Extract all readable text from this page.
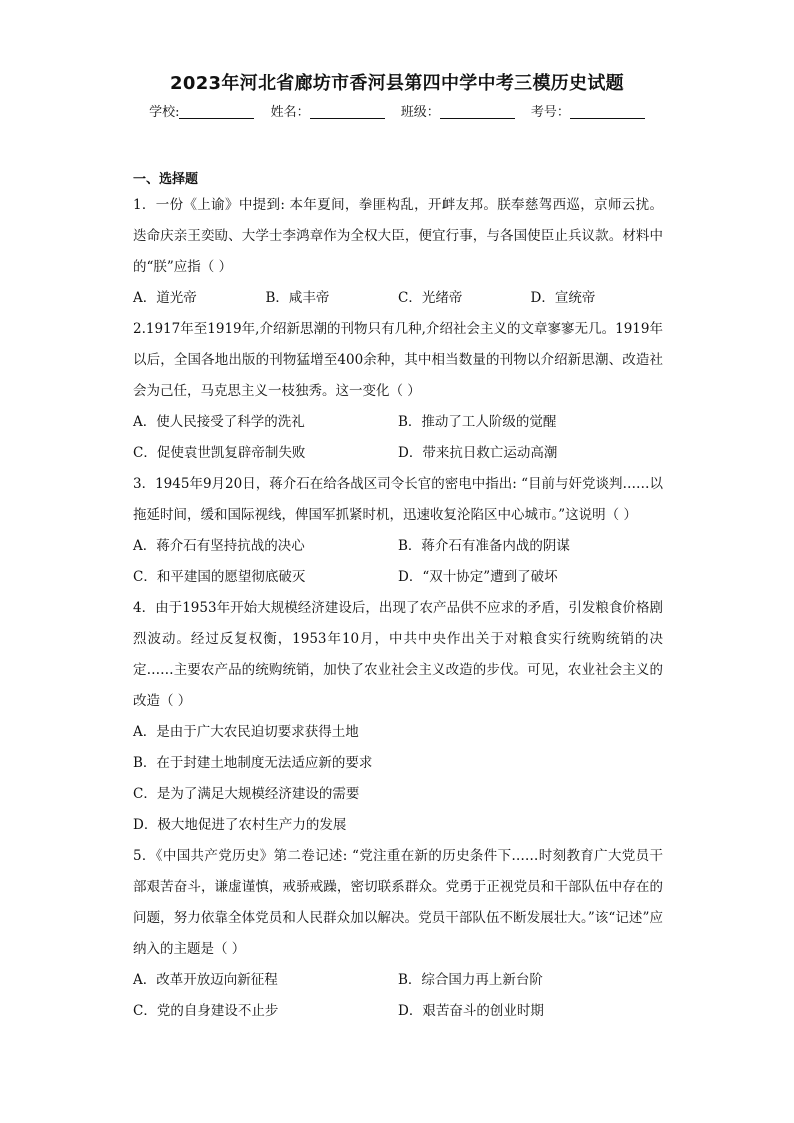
2023年河北省廊坊市香河县第四中学中考三模历史试题
学校:	姓名：	班级：	考号：
一、选择题
1．一份《上谕》中提到: 本年夏间，拳匪构乱，开衅友邦。朕奉慈驾西巡，京师云扰。迭命庆亲王奕劻、大学士李鸿章作为全权大臣，便宜行事，与各国使臣止兵议款。材料中的“朕”应指（ ）
A．道光帝	B．咸丰帝	C．光绪帝	D．宣统帝
2.1917年至1919年,介绍新思潮的刊物只有几种,介绍社会主义的文章寥寥无几。1919年以后，全国各地出版的刊物猛增至400余种，其中相当数量的刊物以介绍新思潮、改造社会为己任，马克思主义一枝独秀。这一变化（ ）
A．使人民接受了科学的洗礼	B．推动了工人阶级的觉醒
C．促使袁世凯复辟帝制失败	D．带来抗日救亡运动高潮
3．1945年9月20日，蒋介石在给各战区司令长官的密电中指出: “目前与奸党谈判……以拖延时间，缓和国际视线，俾国军抓紧时机，迅速收复沦陷区中心城市。”这说明（ ）
A．蒋介石有坚持抗战的决心	B．蒋介石有准备内战的阴谋
C．和平建国的愿望彻底破灭	D．“双十协定”遭到了破坏
4．由于1953年开始大规模经济建设后，出现了农产品供不应求的矛盾，引发粮食价格剧烈波动。经过反复权衡，1953年10月，中共中央作出关于对粮食实行统购统销的决定……主要农产品的统购统销，加快了农业社会主义改造的步伐。可见，农业社会主义的改造（ ）
A．是由于广大农民迫切要求获得土地
B．在于封建土地制度无法适应新的要求
C．是为了满足大规模经济建设的需要
D．极大地促进了农村生产力的发展
5．《中国共产党历史》第二卷记述: “党注重在新的历史条件下……时刻教育广大党员干部艰苦奋斗，谦虚谨慎，戒骄戒躁，密切联系群众。党勇于正视党员和干部队伍中存在的问题，努力依靠全体党员和人民群众加以解决。党员干部队伍不断发展壮大。”该“记述”应纳入的主题是（ ）
A．改革开放迈向新征程	B．综合国力再上新台阶
C．党的自身建设不止步	D．艰苦奋斗的创业时期
